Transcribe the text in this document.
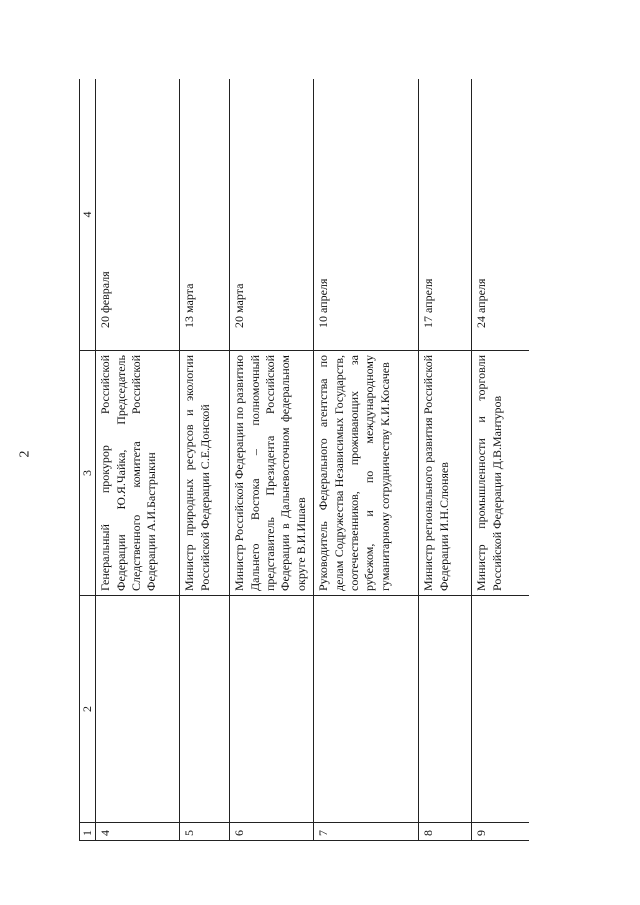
2
1	2	3	4
4		Генеральный прокурор Российской Федерации Ю.Я.Чайка, Председатель Следственного комитета Российской Федерации А.И.Бастрыкин	20 февраля
5		Министр природных ресурсов и экологии Российской Федерации С.Е.Донской	13 марта
6		Министр Российской Федерации по развитию Дальнего Востока – полномочный представитель Президента Российской Федерации в Дальневосточном федеральном округе В.И.Ишаев	20 марта
7		Руководитель Федерального агентства по делам Содружества Независимых Государств, соотечественников, проживающих за рубежом, и по международному гуманитарному сотрудничеству К.И.Косачев	10 апреля
8		Министр регионального развития Российской Федерации И.Н.Слюняев	17 апреля
9		Министр промышленности и торговли Российской Федерации Д.В.Мантуров	24 апреля
